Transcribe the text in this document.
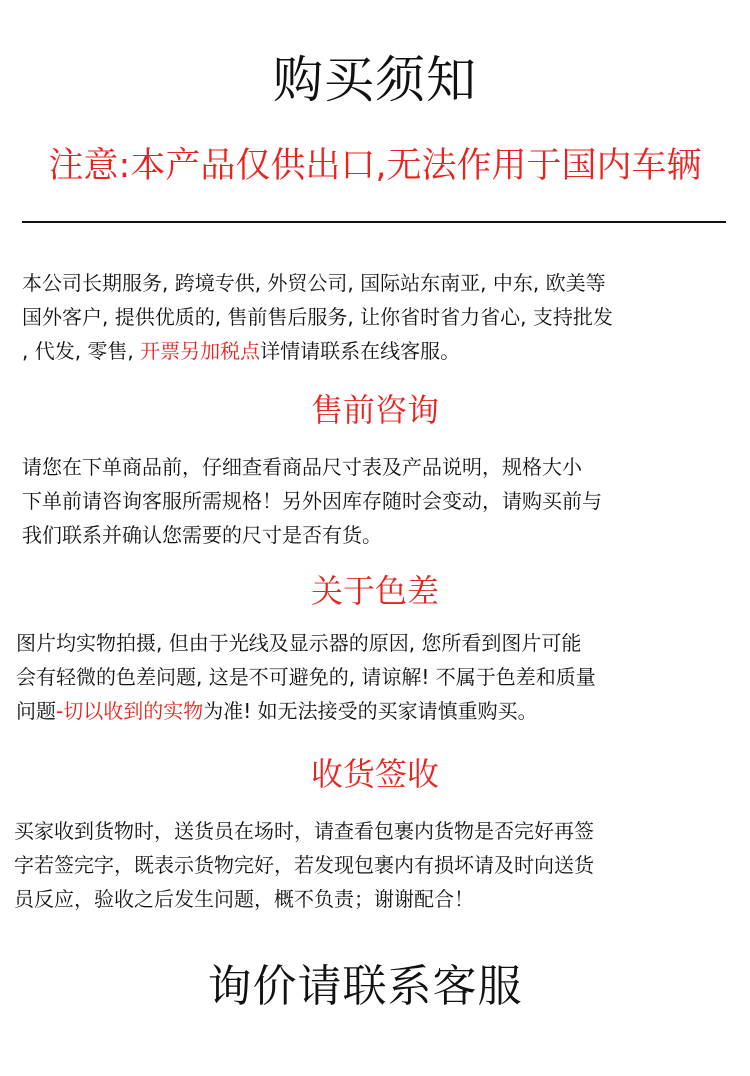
购买须知
注意:本产品仅供出口,无法作用于国内车辆
本公司长期服务, 跨境专供, 外贸公司, 国际站东南亚, 中东, 欧美等
国外客户, 提供优质的, 售前售后服务, 让你省时省力省心, 支持批发
, 代发, 零售, 开票另加税点详情请联系在线客服。
售前咨询
请您在下单商品前，仔细查看商品尺寸表及产品说明，规格大小
下单前请咨询客服所需规格！另外因库存随时会变动，请购买前与
我们联系并确认您需要的尺寸是否有货。
关于色差
图片均实物拍摄, 但由于光线及显示器的原因, 您所看到图片可能
会有轻微的色差问题, 这是不可避免的, 请谅解! 不属于色差和质量
问题-切以收到的实物为准! 如无法接受的买家请慎重购买。
收货签收
买家收到货物时，送货员在场时，请查看包裹内货物是否完好再签
字若签完字，既表示货物完好，若发现包裹内有损坏请及时向送货
员反应，验收之后发生问题，概不负责；谢谢配合！
询价请联系客服
